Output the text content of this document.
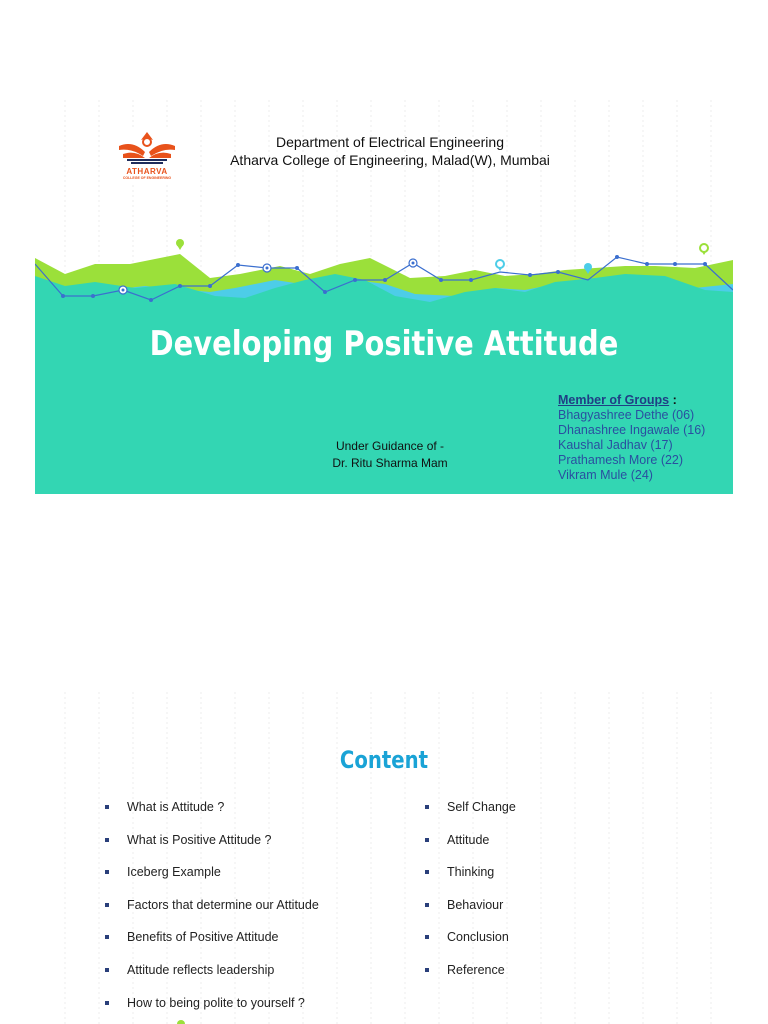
ATHARVA
COLLEGE OF ENGINEERING
Department of Electrical Engineering
Atharva College of Engineering, Malad(W), Mumbai
Developing Positive Attitude
Under Guidance of -
Dr. Ritu Sharma Mam
Member of Groups :
Bhagyashree Dethe (06)
Dhanashree Ingawale (16)
Kaushal Jadhav (17)
Prathamesh More (22)
Vikram Mule (24)
Content
What is Attitude ?
What is Positive Attitude ?
Iceberg Example
Factors that determine our Attitude
Benefits of Positive Attitude
Attitude reflects leadership
How to being polite to yourself ?
Self Change
Attitude
Thinking
Behaviour
Conclusion
Reference
